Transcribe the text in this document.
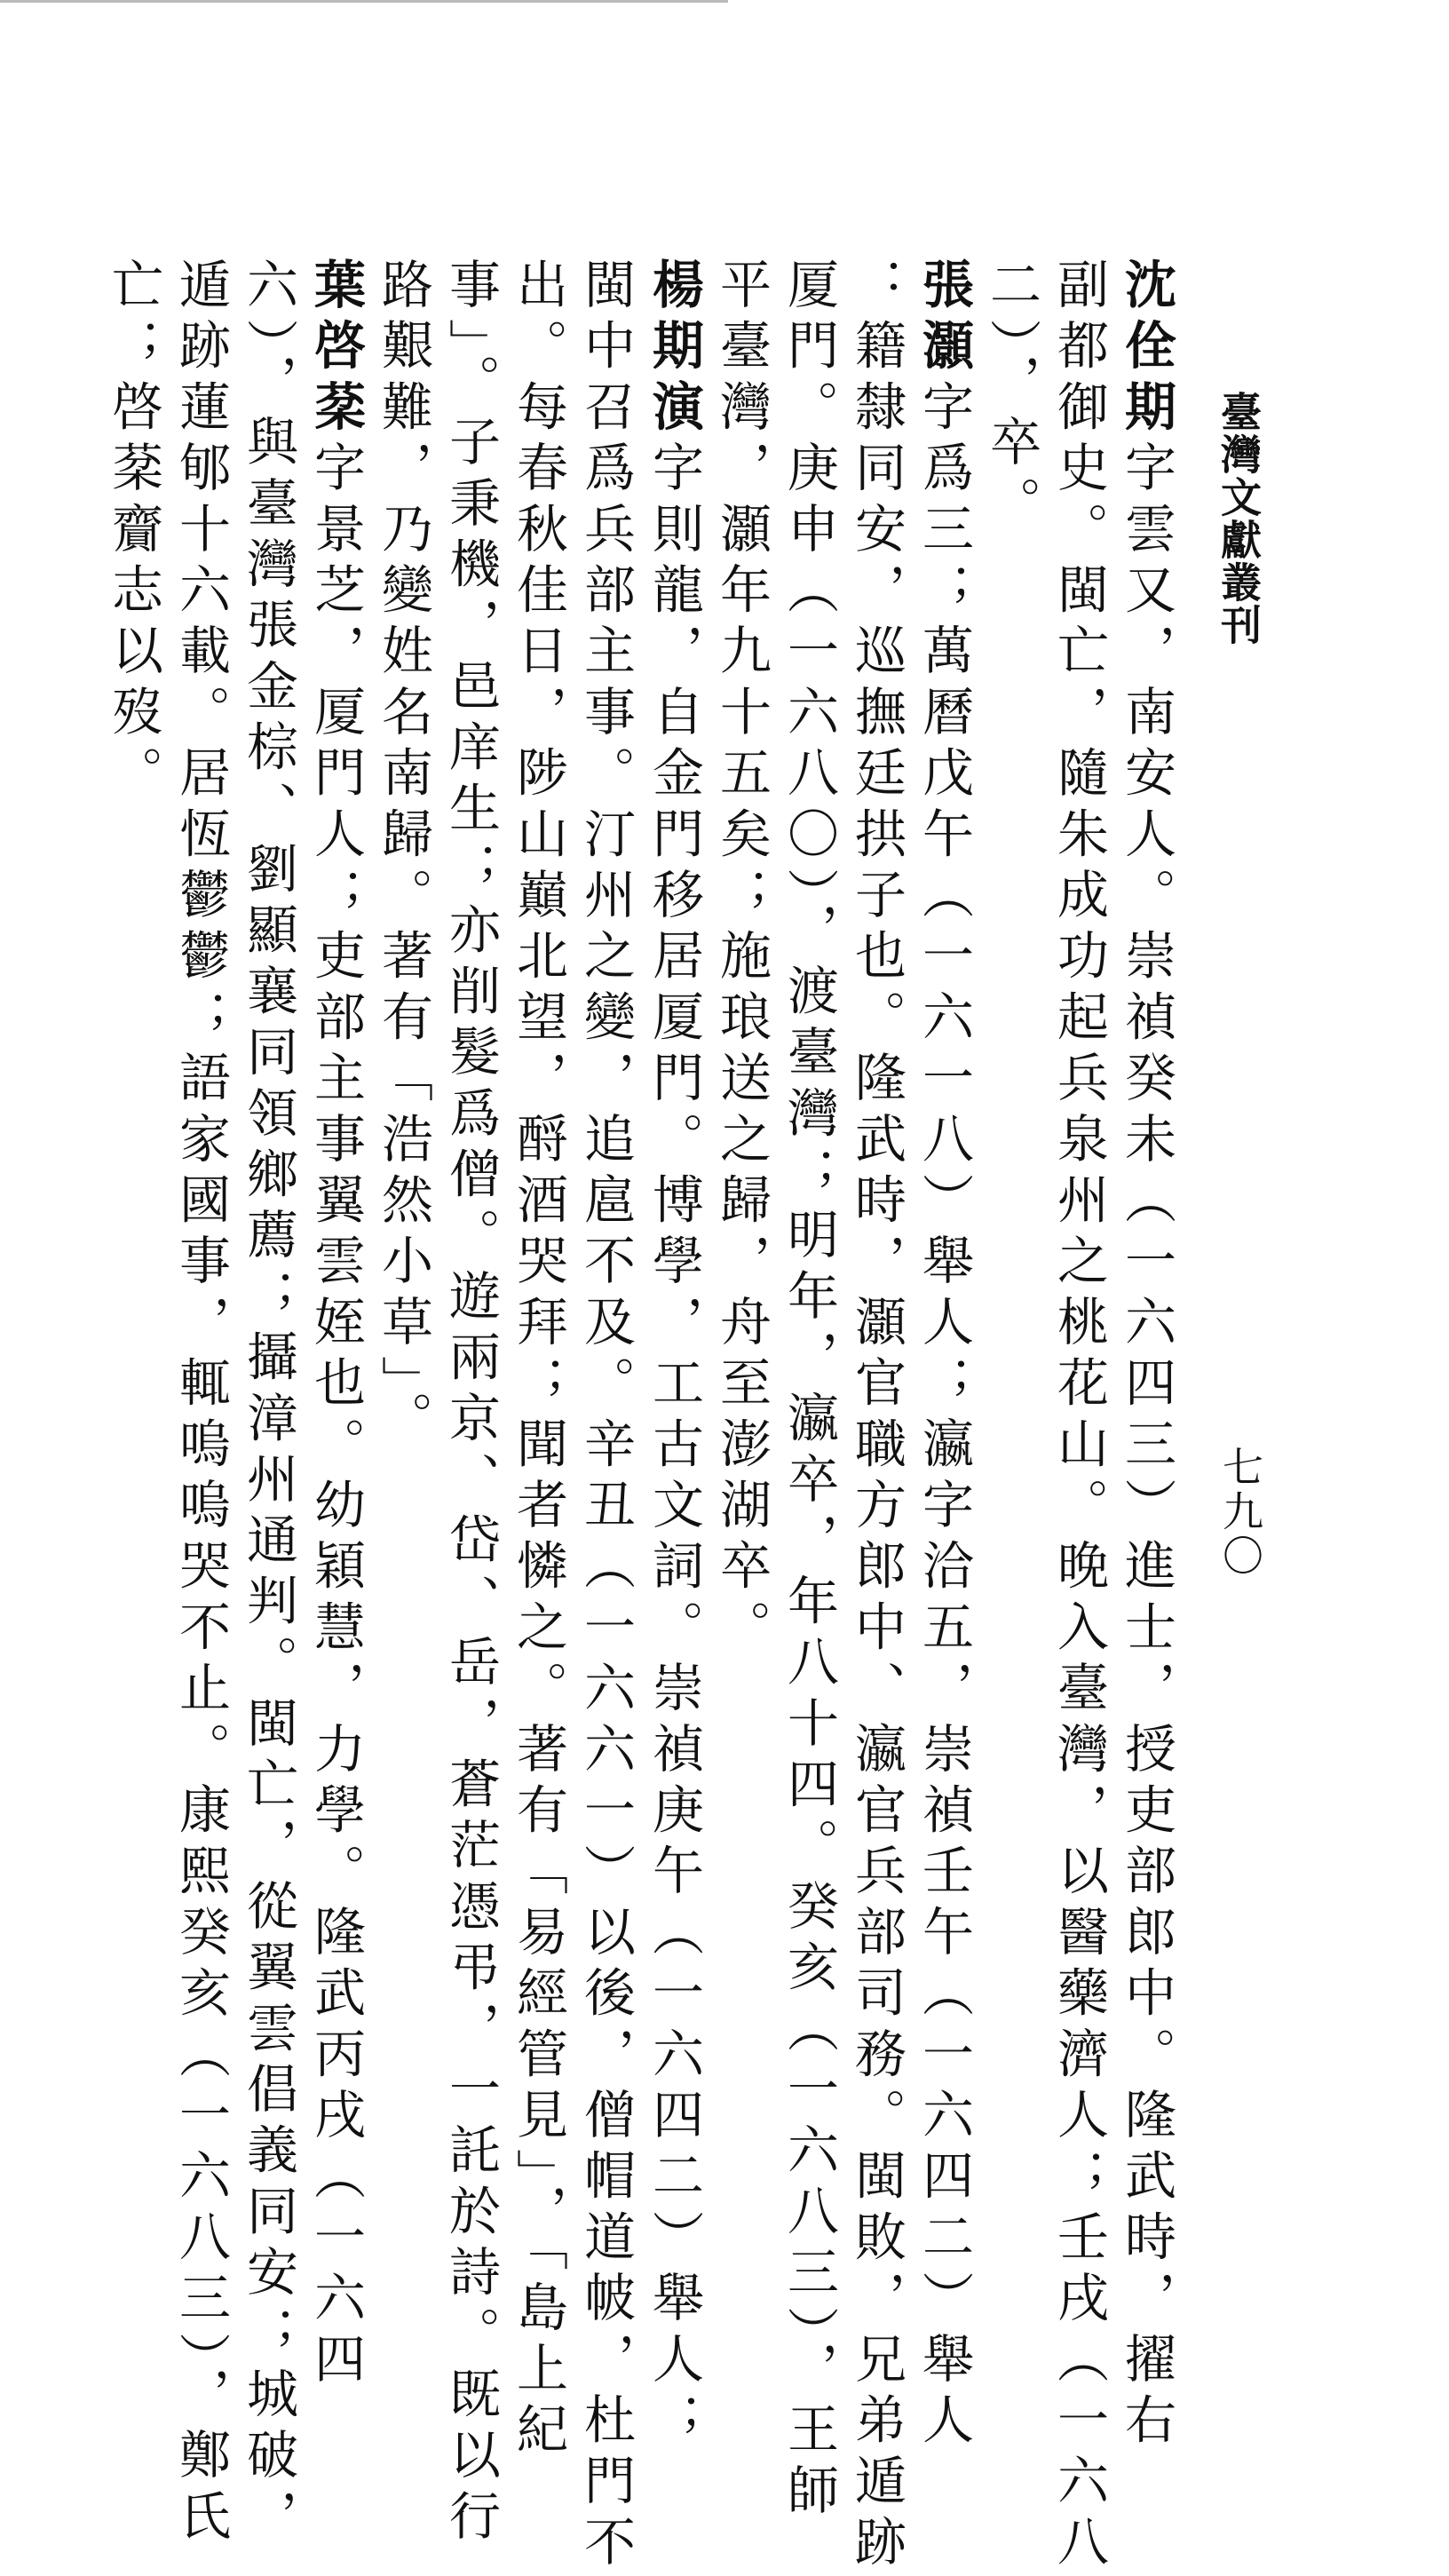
臺灣文獻叢刊
七九〇
沈佺期字雲又，南安人。崇禎癸未（一六四三）進士，授吏部郎中。隆武時，擢右
副都御史。閩亡，隨朱成功起兵泉州之桃花山。晚入臺灣，以醫藥濟人；壬戌（一六八
二），卒。
張灝字爲三；萬曆戊午（一六一八）舉人；瀛字洽五，崇禎壬午（一六四二）舉人
：籍隸同安，巡撫廷拱子也。隆武時，灝官職方郎中、瀛官兵部司務。閩敗，兄弟遁跡
厦門。庚申（一六八〇），渡臺灣；明年，瀛卒，年八十四。癸亥（一六八三），王師
平臺灣，灝年九十五矣；施琅送之歸，舟至澎湖卒。
楊期演字則龍，自金門移居厦門。博學，工古文詞。崇禎庚午（一六四二）舉人；
閩中召爲兵部主事。汀州之變，追扈不及。辛丑（一六六一）以後，僧帽道帔，杜門不
出。每春秋佳日，陟山巔北望，酹酒哭拜；聞者憐之。著有「易經管見」，「島上紀
事」。子秉機，邑庠生；亦削髮爲僧。遊兩京、岱、岳，蒼茫憑弔，一託於詩。既以行
路艱難，乃變姓名南歸。著有「浩然小草」。
葉啓棻字景芝，厦門人；吏部主事翼雲姪也。幼穎慧，力學。隆武丙戌（一六四
六），與臺灣張金棕、劉顯襄同領鄉薦；攝漳州通判。閩亡，從翼雲倡義同安；城破，
遁跡蓮郇十六載。居恆鬱鬱；語家國事，輒嗚嗚哭不止。康熙癸亥（一六八三），鄭氏
亡；啓棻齎志以歿。
